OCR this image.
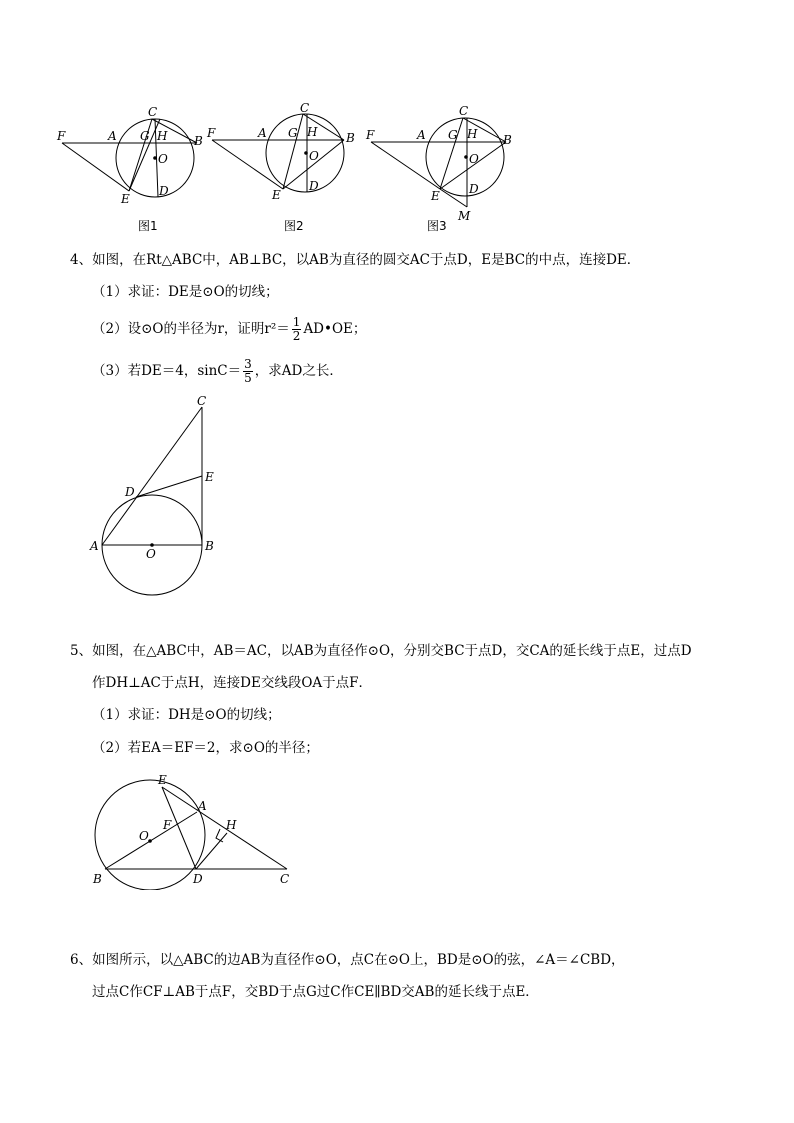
F	A G H B
C
O
D
E
F	A G H B
C
O
D
E
F	A G H B
C
O
D
E
M
图1	图2	图3
4、如图，在Rt△ABC中，AB⊥BC，以AB为直径的圆交AC于点D，E是BC的中点，连接DE．
（1）求证：DE是⊙O的切线；
（2）设⊙O的半径为r，证明$r^2= \frac{1}{2}$ AD•OE；
（3）若DE＝4，$\sin C= \frac{3}{5}$ ，求AD之长．
C
E
D
A
O
B
5、如图，在△ABC中，AB＝AC，以AB为直径作⊙O，分别交BC于点D，交CA的延长线于点E，过点D
作DH⊥AC于点H，连接DE交线段OA于点F．
（1）求证：DH是⊙O的切线；
（2）若EA＝EF＝2，求⊙O的半径；
E
A
H
O
F
B	D	C
6、如图所示，以△ABC的边AB为直径作⊙O，点C在⊙O上，BD是⊙O的弦，∠A＝∠CBD，
过点C作CF⊥AB于点F，交BD于点G过C作CE∥BD交AB的延长线于点E．
